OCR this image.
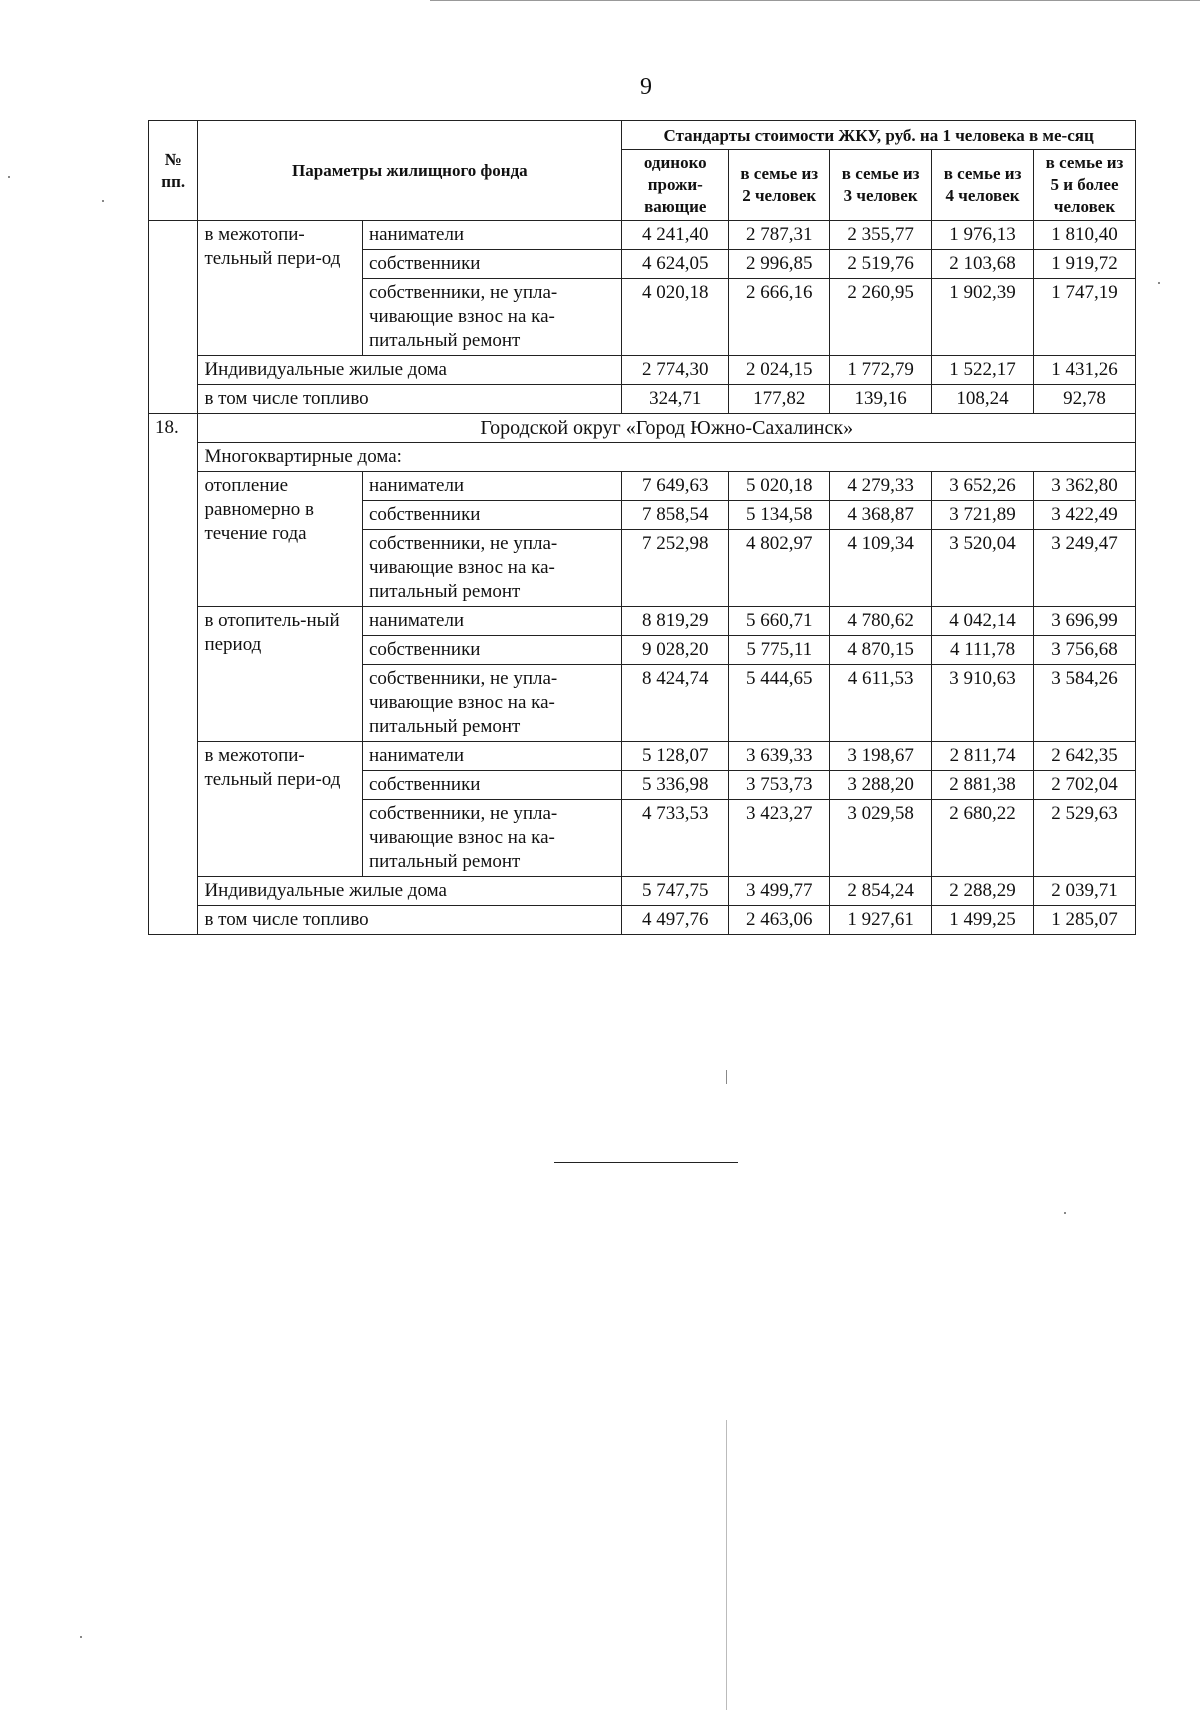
9
№ пп.	Параметры жилищного фонда		Стандарты стоимости ЖКУ, руб. на 1 человека в ме-сяц				
			одиноко прожи-вающие	в семье из 2 человек	в семье из 3 человек	в семье из 4 человек	в семье из 5 и более человек
	в межотопи-тельный пери-од	наниматели	4 241,40	2 787,31	2 355,77	1 976,13	1 810,40
		собственники	4 624,05	2 996,85	2 519,76	2 103,68	1 919,72
		собственники, не упла-чивающие взнос на ка-питальный ремонт	4 020,18	2 666,16	2 260,95	1 902,39	1 747,19
	Индивидуальные жилые дома		2 774,30	2 024,15	1 772,79	1 522,17	1 431,26
	в том числе топливо		324,71	177,82	139,16	108,24	92,78
18.	Городской округ «Город Южно-Сахалинск»						
	Многоквартирные дома:						
	отопление равномерно в течение года	наниматели	7 649,63	5 020,18	4 279,33	3 652,26	3 362,80
		собственники	7 858,54	5 134,58	4 368,87	3 721,89	3 422,49
		собственники, не упла-чивающие взнос на ка-питальный ремонт	7 252,98	4 802,97	4 109,34	3 520,04	3 249,47
	в отопитель-ный период	наниматели	8 819,29	5 660,71	4 780,62	4 042,14	3 696,99
		собственники	9 028,20	5 775,11	4 870,15	4 111,78	3 756,68
		собственники, не упла-чивающие взнос на ка-питальный ремонт	8 424,74	5 444,65	4 611,53	3 910,63	3 584,26
	в межотопи-тельный пери-од	наниматели	5 128,07	3 639,33	3 198,67	2 811,74	2 642,35
		собственники	5 336,98	3 753,73	3 288,20	2 881,38	2 702,04
		собственники, не упла-чивающие взнос на ка-питальный ремонт	4 733,53	3 423,27	3 029,58	2 680,22	2 529,63
	Индивидуальные жилые дома		5 747,75	3 499,77	2 854,24	2 288,29	2 039,71
	в том числе топливо		4 497,76	2 463,06	1 927,61	1 499,25	1 285,07
